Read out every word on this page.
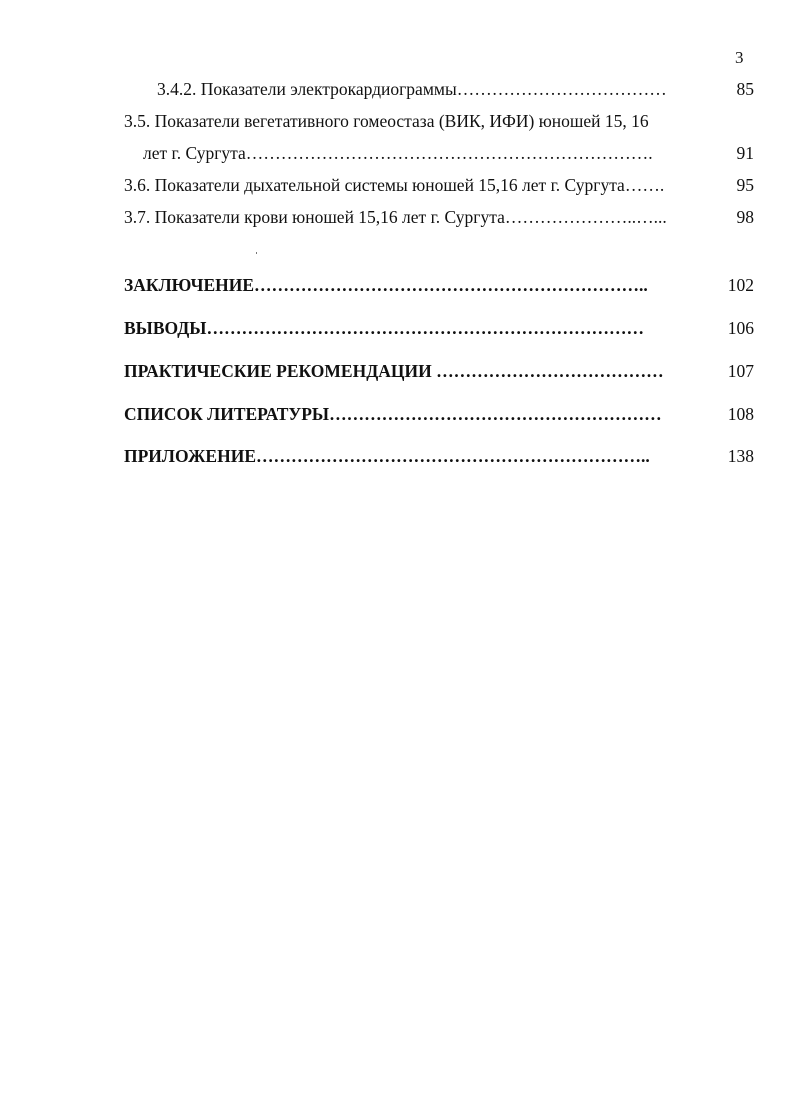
3
3.4.2. Показатели электрокардиограммы………………………………	85
3.5. Показатели вегетативного гомеостаза (ВИК, ИФИ) юношей 15, 16
лет г. Сургута…………………………………………………………….	91
3.6. Показатели дыхательной системы юношей 15,16 лет г. Сургута…….	95
3.7. Показатели крови юношей 15,16 лет г. Сургута…………………..…...	98
ЗАКЛЮЧЕНИЕ…………………………………………………………..	102
ВЫВОДЫ…………………………………………………………………	106
ПРАКТИЧЕСКИЕ РЕКОМЕНДАЦИИ …………………………………	107
СПИСОК ЛИТЕРАТУРЫ…………………………………………………	108
ПРИЛОЖЕНИЕ…………………………………………………………..	138
